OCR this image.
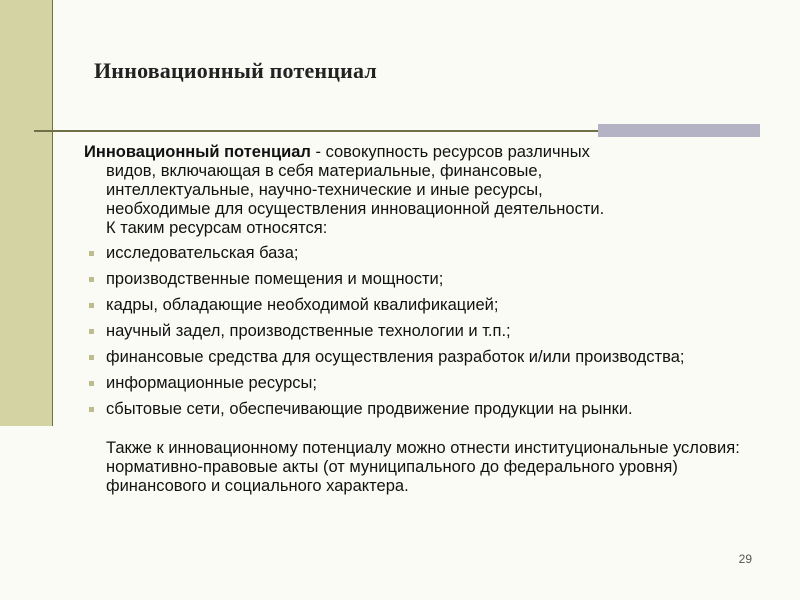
Инновационный потенциал
Инновационный потенциал - совокупность ресурсов различных
видов, включающая в себя материальные, финансовые,
интеллектуальные, научно-технические и иные ресурсы,
необходимые для осуществления инновационной деятельности.
К таким ресурсам относятся:
исследовательская база;
производственные помещения и мощности;
кадры, обладающие необходимой квалификацией;
научный задел, производственные технологии и т.п.;
финансовые средства для осуществления разработок и/или производства;
информационные ресурсы;
сбытовые сети, обеспечивающие продвижение продукции на рынки.
Также к инновационному потенциалу можно отнести институциональные условия: нормативно-правовые акты (от муниципального до федерального уровня) финансового и социального характера.
29
